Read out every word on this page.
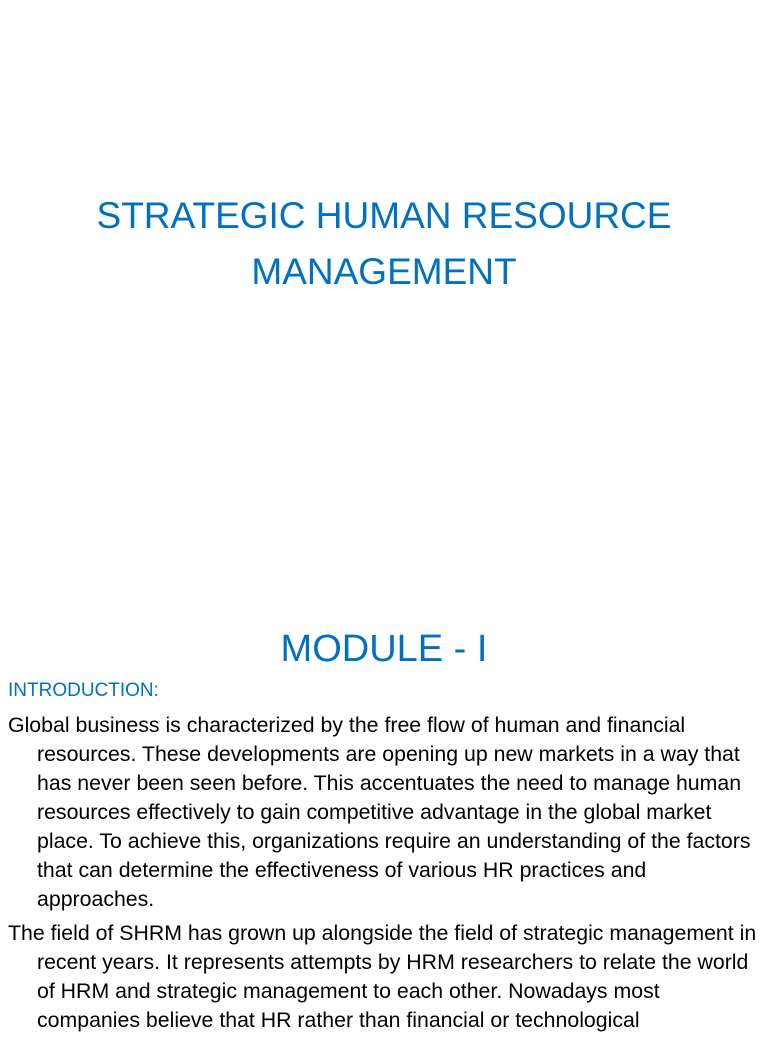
STRATEGIC HUMAN RESOURCE MANAGEMENT
MODULE - I
INTRODUCTION:

Global business is characterized by the free flow of human and financial resources. These developments are opening up new markets in a way that has never been seen before. This accentuates the need to manage human resources effectively to gain competitive advantage in the global market place. To achieve this, organizations require an understanding of the factors that can determine the effectiveness of various HR practices and approaches.

The field of SHRM has grown up alongside the field of strategic management in recent years. It represents attempts by HRM researchers to relate the world of HRM and strategic management to each other. Nowadays most companies believe that HR rather than financial or technological
